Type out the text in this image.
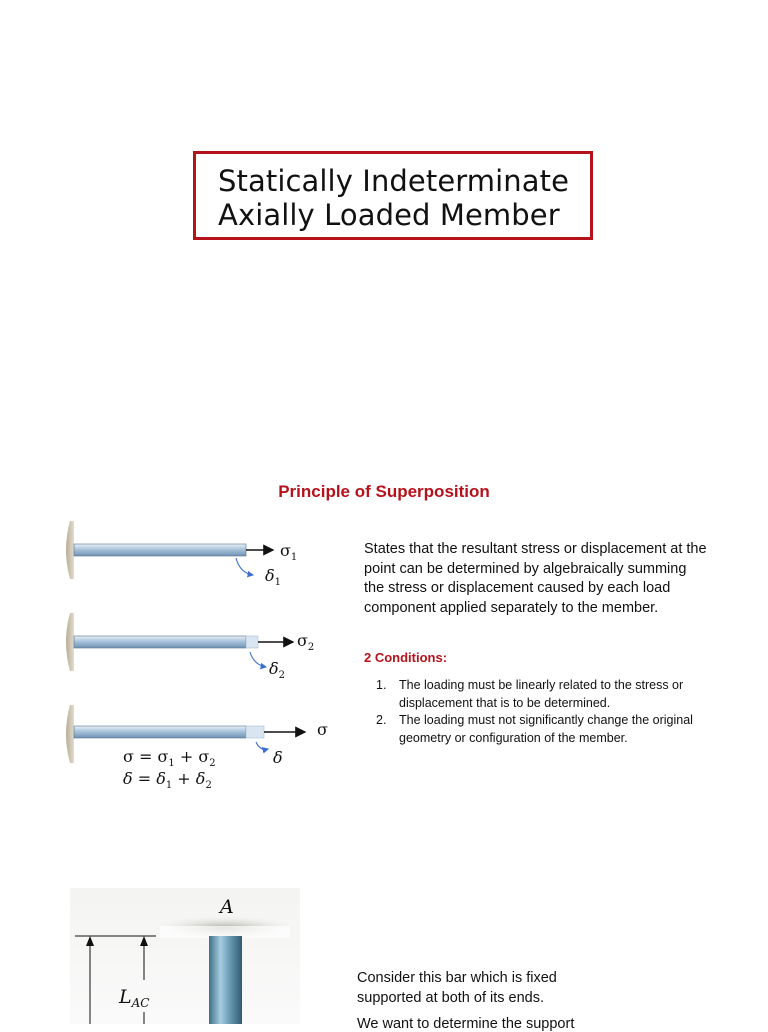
Statically Indeterminate
Axially Loaded Member
Principle of Superposition
$\sigma_1$
$\delta_1$
$\sigma_2$
$\delta_2$
σ
δ
$\sigma = \sigma_1 + \sigma_2$
$\delta = \delta_1 + \delta_2$
States that the resultant stress or displacement at the point can be determined by algebraically summing the stress or displacement caused by each load component applied separately to the member.
2 Conditions:
1. The loading must be linearly related to the stress or displacement that is to be determined.
2. The loading must not significantly change the original geometry or configuration of the member.
A
$L_{AC}$
Consider this bar which is fixed supported at both of its ends.
We want to determine the support
